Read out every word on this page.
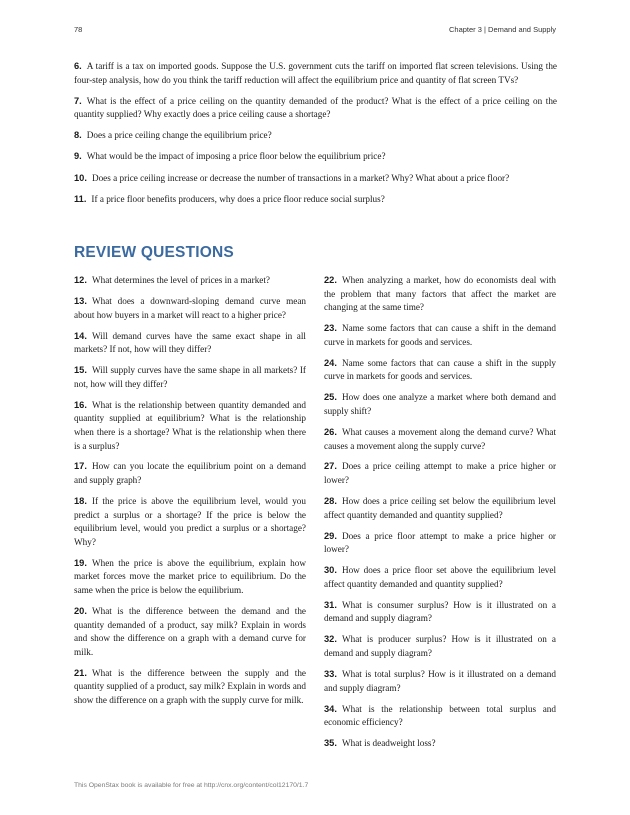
78	Chapter 3 | Demand and Supply

6. A tariff is a tax on imported goods. Suppose the U.S. government cuts the tariff on imported flat screen televisions. Using the four-step analysis, how do you think the tariff reduction will affect the equilibrium price and quantity of flat screen TVs?

7. What is the effect of a price ceiling on the quantity demanded of the product? What is the effect of a price ceiling on the quantity supplied? Why exactly does a price ceiling cause a shortage?

8. Does a price ceiling change the equilibrium price?

9. What would be the impact of imposing a price floor below the equilibrium price?

10. Does a price ceiling increase or decrease the number of transactions in a market? Why? What about a price floor?

11. If a price floor benefits producers, why does a price floor reduce social surplus?

REVIEW QUESTIONS

12. What determines the level of prices in a market?

13. What does a downward-sloping demand curve mean about how buyers in a market will react to a higher price?

14. Will demand curves have the same exact shape in all markets? If not, how will they differ?

15. Will supply curves have the same shape in all markets? If not, how will they differ?

16. What is the relationship between quantity demanded and quantity supplied at equilibrium? What is the relationship when there is a shortage? What is the relationship when there is a surplus?

17. How can you locate the equilibrium point on a demand and supply graph?

18. If the price is above the equilibrium level, would you predict a surplus or a shortage? If the price is below the equilibrium level, would you predict a surplus or a shortage? Why?

19. When the price is above the equilibrium, explain how market forces move the market price to equilibrium. Do the same when the price is below the equilibrium.

20. What is the difference between the demand and the quantity demanded of a product, say milk? Explain in words and show the difference on a graph with a demand curve for milk.

21. What is the difference between the supply and the quantity supplied of a product, say milk? Explain in words and show the difference on a graph with the supply curve for milk.

22. When analyzing a market, how do economists deal with the problem that many factors that affect the market are changing at the same time?

23. Name some factors that can cause a shift in the demand curve in markets for goods and services.

24. Name some factors that can cause a shift in the supply curve in markets for goods and services.

25. How does one analyze a market where both demand and supply shift?

26. What causes a movement along the demand curve? What causes a movement along the supply curve?

27. Does a price ceiling attempt to make a price higher or lower?

28. How does a price ceiling set below the equilibrium level affect quantity demanded and quantity supplied?

29. Does a price floor attempt to make a price higher or lower?

30. How does a price floor set above the equilibrium level affect quantity demanded and quantity supplied?

31. What is consumer surplus? How is it illustrated on a demand and supply diagram?

32. What is producer surplus? How is it illustrated on a demand and supply diagram?

33. What is total surplus? How is it illustrated on a demand and supply diagram?

34. What is the relationship between total surplus and economic efficiency?

35. What is deadweight loss?

This OpenStax book is available for free at http://cnx.org/content/col12170/1.7
